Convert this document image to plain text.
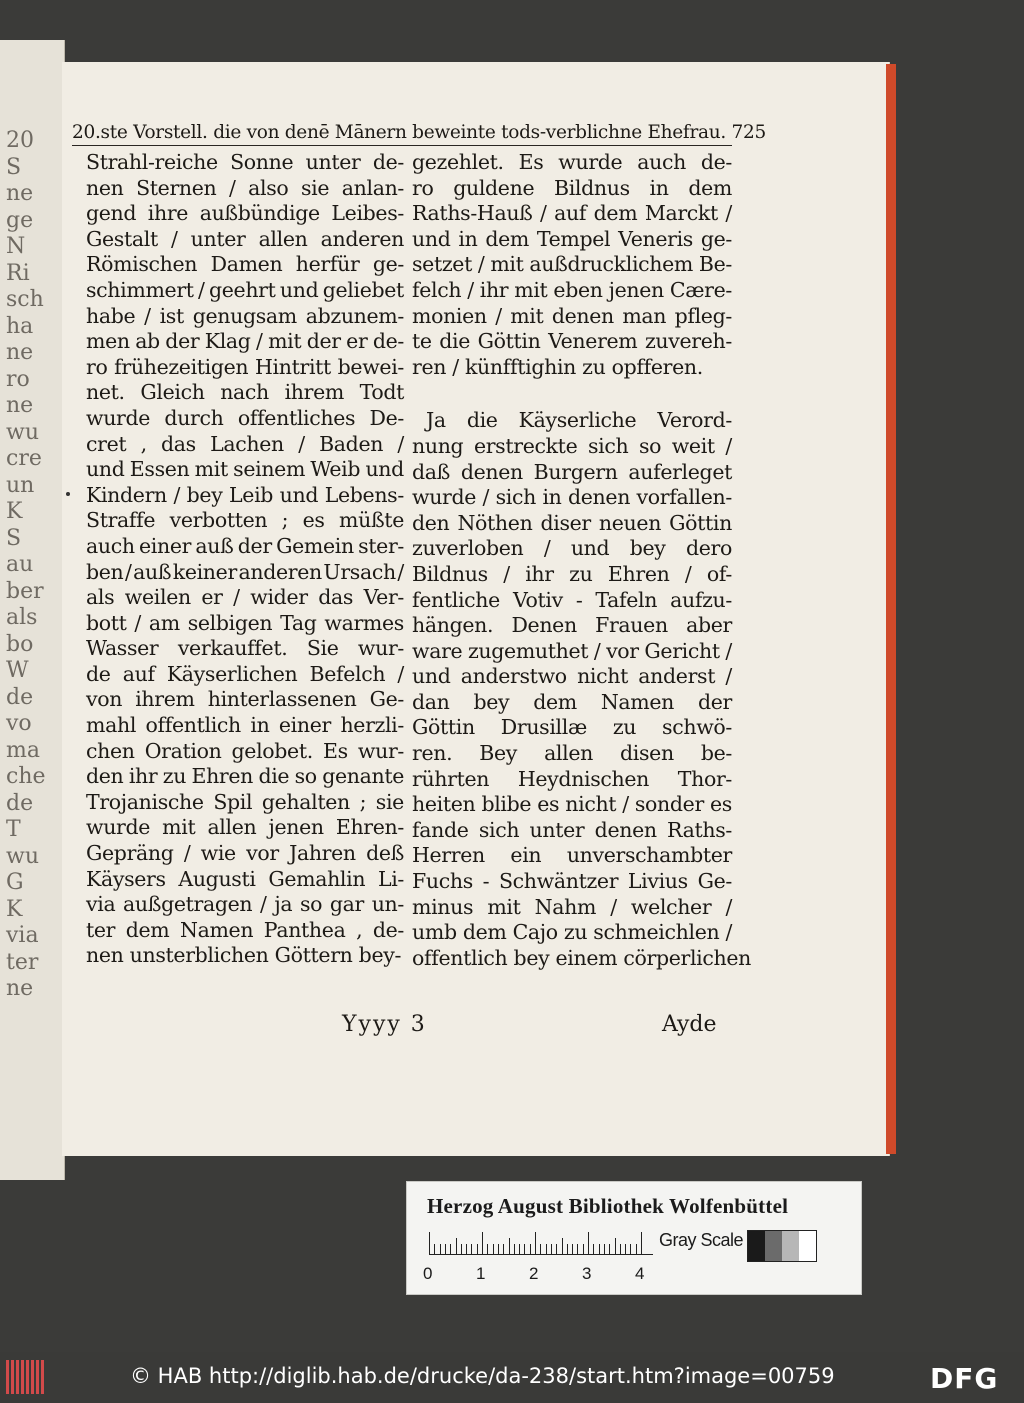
20
S
ne
ge
N
Ri
sch
ha
ne
ro
ne
wu
cre
un
K
S
au
ber
als
bo
W
de
vo
ma
che
de
T
wu
G
K
via
ter
ne
20.ste Vorstell. die von denē Mānern beweinte tods-verblichne Ehefrau. 725
Strahl-reiche Sonne unter de-
nen Sternen / also sie anlan-
gend ihre außbündige Leibes-
Gestalt / unter allen anderen
Römischen Damen herfür ge-
schimmert / geehrt und geliebet
habe / ist genugsam abzunem-
men ab der Klag / mit der er de-
ro frühezeitigen Hintritt bewei-
net. Gleich nach ihrem Todt
wurde durch offentliches De-
cret , das Lachen / Baden /
und Essen mit seinem Weib und
Kindern / bey Leib und Lebens-
Straffe verbotten ; es müßte
auch einer auß der Gemein ster-
ben / auß keiner anderen Ursach /
als weilen er / wider das Ver-
bott / am selbigen Tag warmes
Wasser verkauffet. Sie wur-
de auf Käyserlichen Befelch /
von ihrem hinterlassenen Ge-
mahl offentlich in einer herzli-
chen Oration gelobet. Es wur-
den ihr zu Ehren die so genante
Trojanische Spil gehalten ; sie
wurde mit allen jenen Ehren-
Gepräng / wie vor Jahren deß
Käysers Augusti Gemahlin Li-
via außgetragen / ja so gar un-
ter dem Namen Panthea , de-
nen unsterblichen Göttern bey-
gezehlet. Es wurde auch de-
ro guldene Bildnus in dem
Raths-Hauß / auf dem Marckt /
und in dem Tempel Veneris ge-
setzet / mit außdrucklichem Be-
felch / ihr mit eben jenen Cære-
monien / mit denen man pfleg-
te die Göttin Venerem zuvereh-
ren / künfftighin zu opfferen.
Ja die Käyserliche Verord-
nung erstreckte sich so weit /
daß denen Burgern auferleget
wurde / sich in denen vorfallen-
den Nöthen diser neuen Göttin
zuverloben / und bey dero
Bildnus / ihr zu Ehren / of-
fentliche Votiv - Tafeln aufzu-
hängen. Denen Frauen aber
ware zugemuthet / vor Gericht /
und anderstwo nicht anderst /
dan bey dem Namen der
Göttin Drusillæ zu schwö-
ren. Bey allen disen be-
rührten Heydnischen Thor-
heiten blibe es nicht / sonder es
fande sich unter denen Raths-
Herren ein unverschambter
Fuchs - Schwäntzer Livius Ge-
minus mit Nahm / welcher /
umb dem Cajo zu schmeichlen /
offentlich bey einem cörperlichen
Yyyy 3	Ayde
Herzog August Bibliothek Wolfenbüttel
0	1	2	3	4
Gray Scale
© HAB http://diglib.hab.de/drucke/da-238/start.htm?image=00759	DFG
